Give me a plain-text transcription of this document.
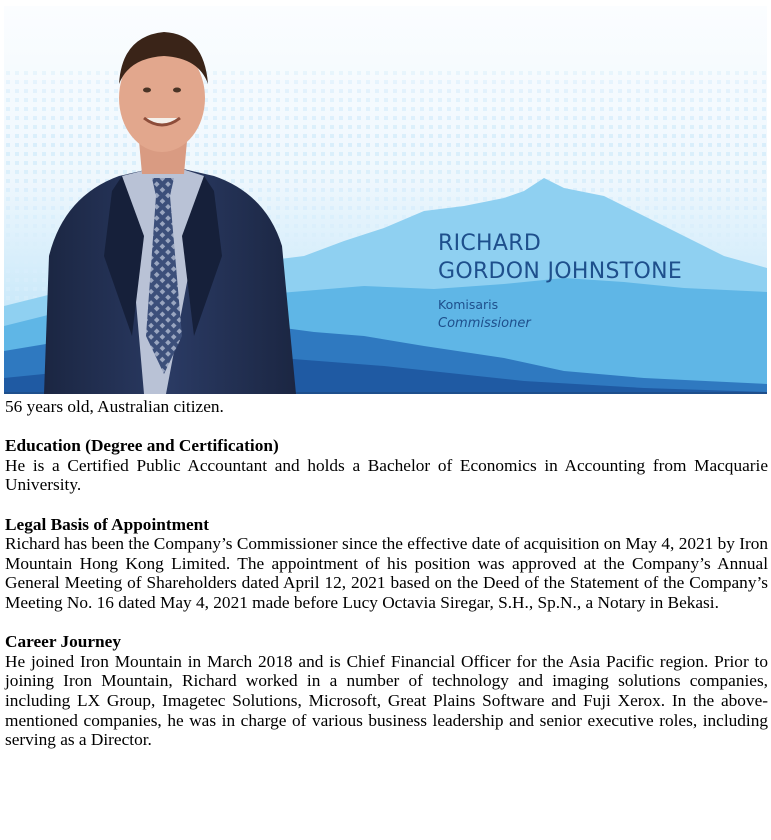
RICHARD
GORDON JOHNSTONE
Komisaris
Commissioner

56 years old, Australian citizen.

Education (Degree and Certification)

He is a Certified Public Accountant and holds a Bachelor of Economics in Accounting from Macquarie University.

Legal Basis of Appointment

Richard has been the Company’s Commissioner since the effective date of acquisition on May 4, 2021 by Iron Mountain Hong Kong Limited. The appointment of his position was approved at the Company’s Annual General Meeting of Shareholders dated April 12, 2021 based on the Deed of the Statement of the Company’s Meeting No. 16 dated May 4, 2021 made before Lucy Octavia Siregar, S.H., Sp.N., a Notary in Bekasi.

Career Journey

He joined Iron Mountain in March 2018 and is Chief Financial Officer for the Asia Pacific region. Prior to joining Iron Mountain, Richard worked in a number of technology and imaging solutions companies, including LX Group, Imagetec Solutions, Microsoft, Great Plains Software and Fuji Xerox. In the above-mentioned companies, he was in charge of various business leadership and senior executive roles, including serving as a Director.
